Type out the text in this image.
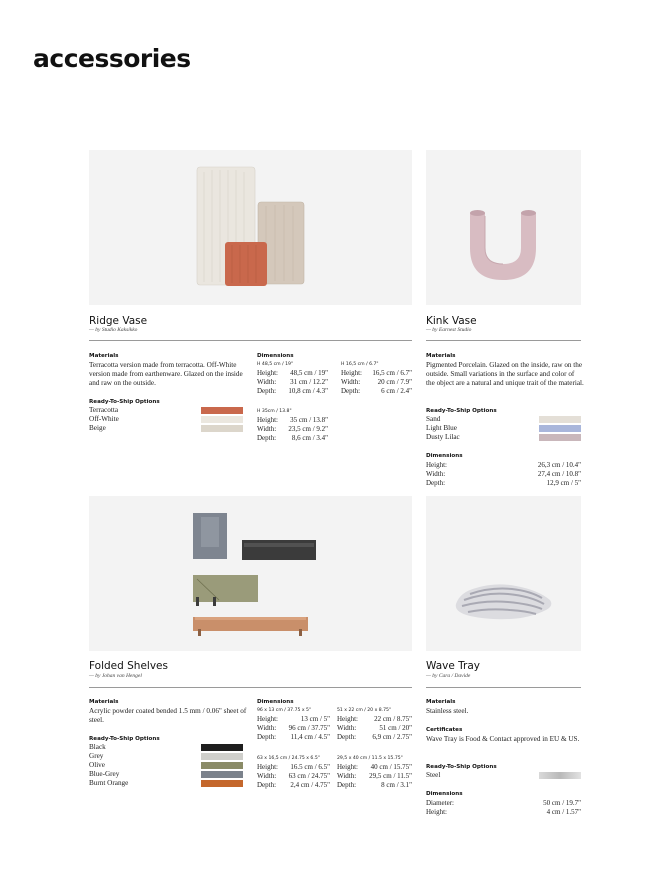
accessories
Ridge Vase
— by Studio Kaksikko
Materials
Terracotta version made from terracotta. Off-White version made from earthenware. Glazed on the inside and raw on the outside.
Ready-To-Ship Options
Terracotta
Off-White
Beige
Dimensions
H 48,5 cm / 19"
Height: 48,5 cm / 19"
Width: 31 cm / 12.2"
Depth: 10,8 cm / 4.3"
H 16,5 cm / 6.7"
Height: 16,5 cm / 6.7"
Width: 20 cm / 7.9"
Depth:	6 cm / 2.4"
H 35cm / 13.8"
Height: 35 cm / 13.8"
Width: 23,5 cm / 9.2"
Depth: 8,6 cm / 3.4"
Kink Vase
— by Earnest Studio
Materials
Pigmented Porcelain. Glazed on the inside, raw on the outside. Small variations in the surface and color of the object are a natural and unique trait of the material.
Ready-To-Ship Options
Sand
Light Blue
Dusty Lilac
Dimensions
Height:	26,3 cm / 10.4"
Width:	27,4 cm / 10.8"
Depth:	12,9 cm / 5"
Folded Shelves
— by Johan van Hengel
Materials
Acrylic powder coated bended 1.5 mm / 0.06" sheet of steel.
Ready-To-Ship Options
Black
Grey
Olive
Blue-Grey
Burnt Orange
Dimensions
96 x 13 cm / 37.75 x 5"
Height:	13 cm / 5"
Width: 96 cm / 37.75"
Depth: 11,4 cm / 4.5"
51 x 22 cm / 20 x 8.75"
Height: 22 cm / 8.75"
Width:	51 cm / 20"
Depth: 6,9 cm / 2.75"
63 x 16,5 cm / 24.75 x 6.5"
Height: 16.5 cm / 6.5"
Width: 63 cm / 24.75"
Depth: 2,4 cm / 4.75"
29,5 x 40 cm / 11.5 x 15.75"
Height: 40 cm / 15.75"
Width: 29,5 cm / 11.5"
Depth:	8 cm / 3.1"
Wave Tray
— by Cara / Davide
Materials
Stainless steel.
Certificates
Wave Tray is Food & Contact approved in EU & US.
Ready-To-Ship Options
Steel
Dimensions
Diameter:	50 cm / 19.7"
Height:	4 cm / 1.57"
